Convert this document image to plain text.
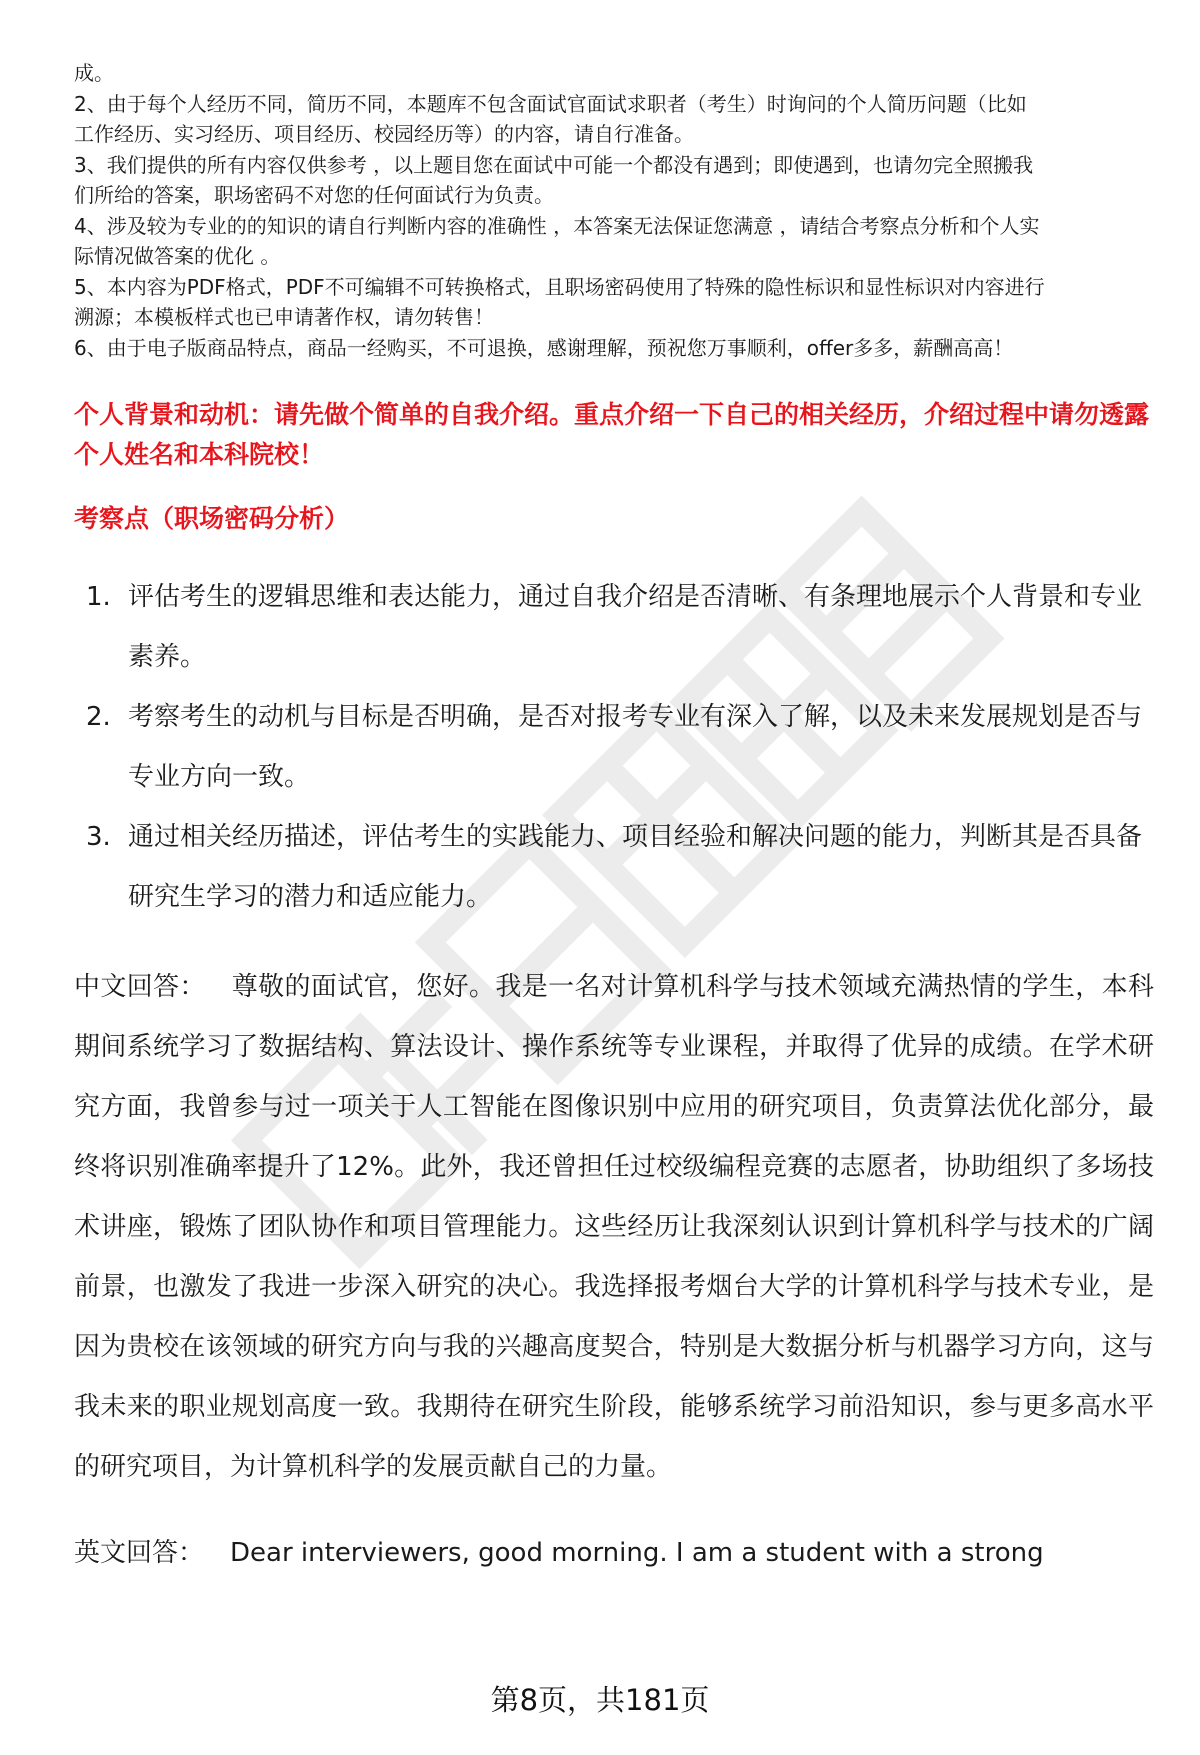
成。

2、由于每个人经历不同，简历不同，本题库不包含面试官面试求职者（考生）时询问的个人简历问题（比如

工作经历、实习经历、项目经历、校园经历等）的内容，请自行准备。

3、我们提供的所有内容仅供参考 ，以上题目您在面试中可能一个都没有遇到；即使遇到，也请勿完全照搬我

们所给的答案，职场密码不对您的任何面试行为负责。

4、涉及较为专业的的知识的请自行判断内容的准确性 ，本答案无法保证您满意 ，请结合考察点分析和个人实

际情况做答案的优化 。

5、本内容为PDF格式，PDF不可编辑不可转换格式，且职场密码使用了特殊的隐性标识和显性标识对内容进行

溯源；本模板样式也已申请著作权，请勿转售！

6、由于电子版商品特点，商品一经购买，不可退换，感谢理解，预祝您万事顺利，offer多多，薪酬高高！

个人背景和动机：请先做个简单的自我介绍。重点介绍一下自己的相关经历，介绍过程中请勿透露个人姓名和本科院校！

考察点（职场密码分析）

1. 评估考生的逻辑思维和表达能力，通过自我介绍是否清晰、有条理地展示个人背景和专业素养。
2. 考察考生的动机与目标是否明确，是否对报考专业有深入了解，以及未来发展规划是否与专业方向一致。
3. 通过相关经历描述，评估考生的实践能力、项目经验和解决问题的能力，判断其是否具备研究生学习的潜力和适应能力。

中文回答： 尊敬的面试官，您好。我是一名对计算机科学与技术领域充满热情的学生，本科期间系统学习了数据结构、算法设计、操作系统等专业课程，并取得了优异的成绩。在学术研究方面，我曾参与过一项关于人工智能在图像识别中应用的研究项目，负责算法优化部分，最终将识别准确率提升了12%。此外，我还曾担任过校级编程竞赛的志愿者，协助组织了多场技术讲座，锻炼了团队协作和项目管理能力。这些经历让我深刻认识到计算机科学与技术的广阔前景，也激发了我进一步深入研究的决心。我选择报考烟台大学的计算机科学与技术专业，是因为贵校在该领域的研究方向与我的兴趣高度契合，特别是大数据分析与机器学习方向，这与我未来的职业规划高度一致。我期待在研究生阶段，能够系统学习前沿知识，参与更多高水平的研究项目，为计算机科学的发展贡献自己的力量。

英文回答： Dear interviewers, good morning. I am a student with a strong

第8页，共181页
